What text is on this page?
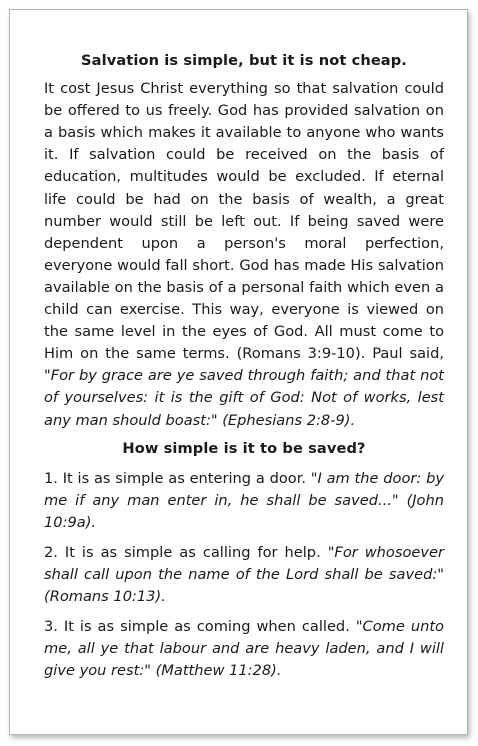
Salvation is simple, but it is not cheap.

It cost Jesus Christ everything so that salvation could be offered to us freely. God has provided salvation on a basis which makes it available to anyone who wants it. If salvation could be received on the basis of education, multitudes would be excluded. If eternal life could be had on the basis of wealth, a great number would still be left out. If being saved were dependent upon a person's moral perfection, everyone would fall short. God has made His salvation available on the basis of a personal faith which even a child can exercise. This way, everyone is viewed on the same level in the eyes of God. All must come to Him on the same terms. (Romans 3:9-10). Paul said, "For by grace are ye saved through faith; and that not of yourselves: it is the gift of God: Not of works, lest any man should boast:" (Ephesians 2:8-9).

How simple is it to be saved?

1. It is as simple as entering a door. "I am the door: by me if any man enter in, he shall be saved..." (John 10:9a).

2. It is as simple as calling for help. "For whosoever shall call upon the name of the Lord shall be saved:" (Romans 10:13).

3. It is as simple as coming when called. "Come unto me, all ye that labour and are heavy laden, and I will give you rest:" (Matthew 11:28).
